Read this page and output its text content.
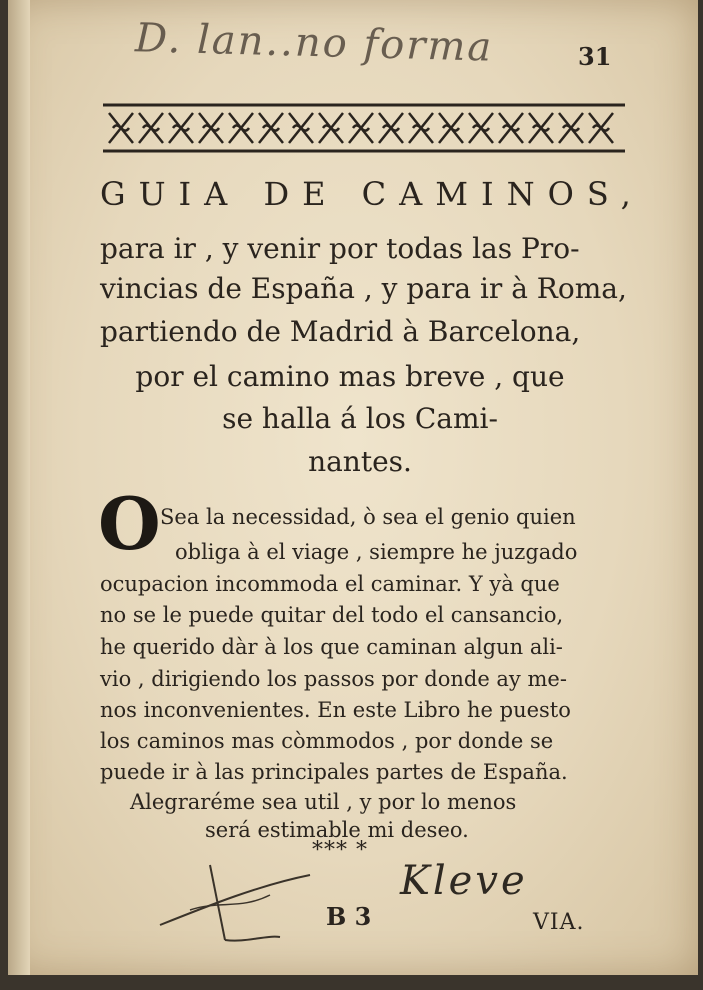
D. lan..no forma	31
GUIA DE CAMINOS,
para ir , y venir por todas las Pro-
vincias de España , y para ir à Roma,
partiendo de Madrid à Barcelona,
por el camino mas breve , que
se halla á los Cami-
nantes.
O Sea la necessidad, ò sea el genio quien
obliga à el viage , siempre he juzgado
ocupacion incommoda el caminar. Y yà que
no se le puede quitar del todo el cansancio,
he querido dàr à los que caminan algun ali-
vio , dirigiendo los passos por donde ay me-
nos inconvenientes. En este Libro he puesto
los caminos mas còmmodos , por donde se
puede ir à las principales partes de España.
Alegraréme sea util , y por lo menos
será estimable mi deseo.
*** *
Kleve
B 3	VIA.
